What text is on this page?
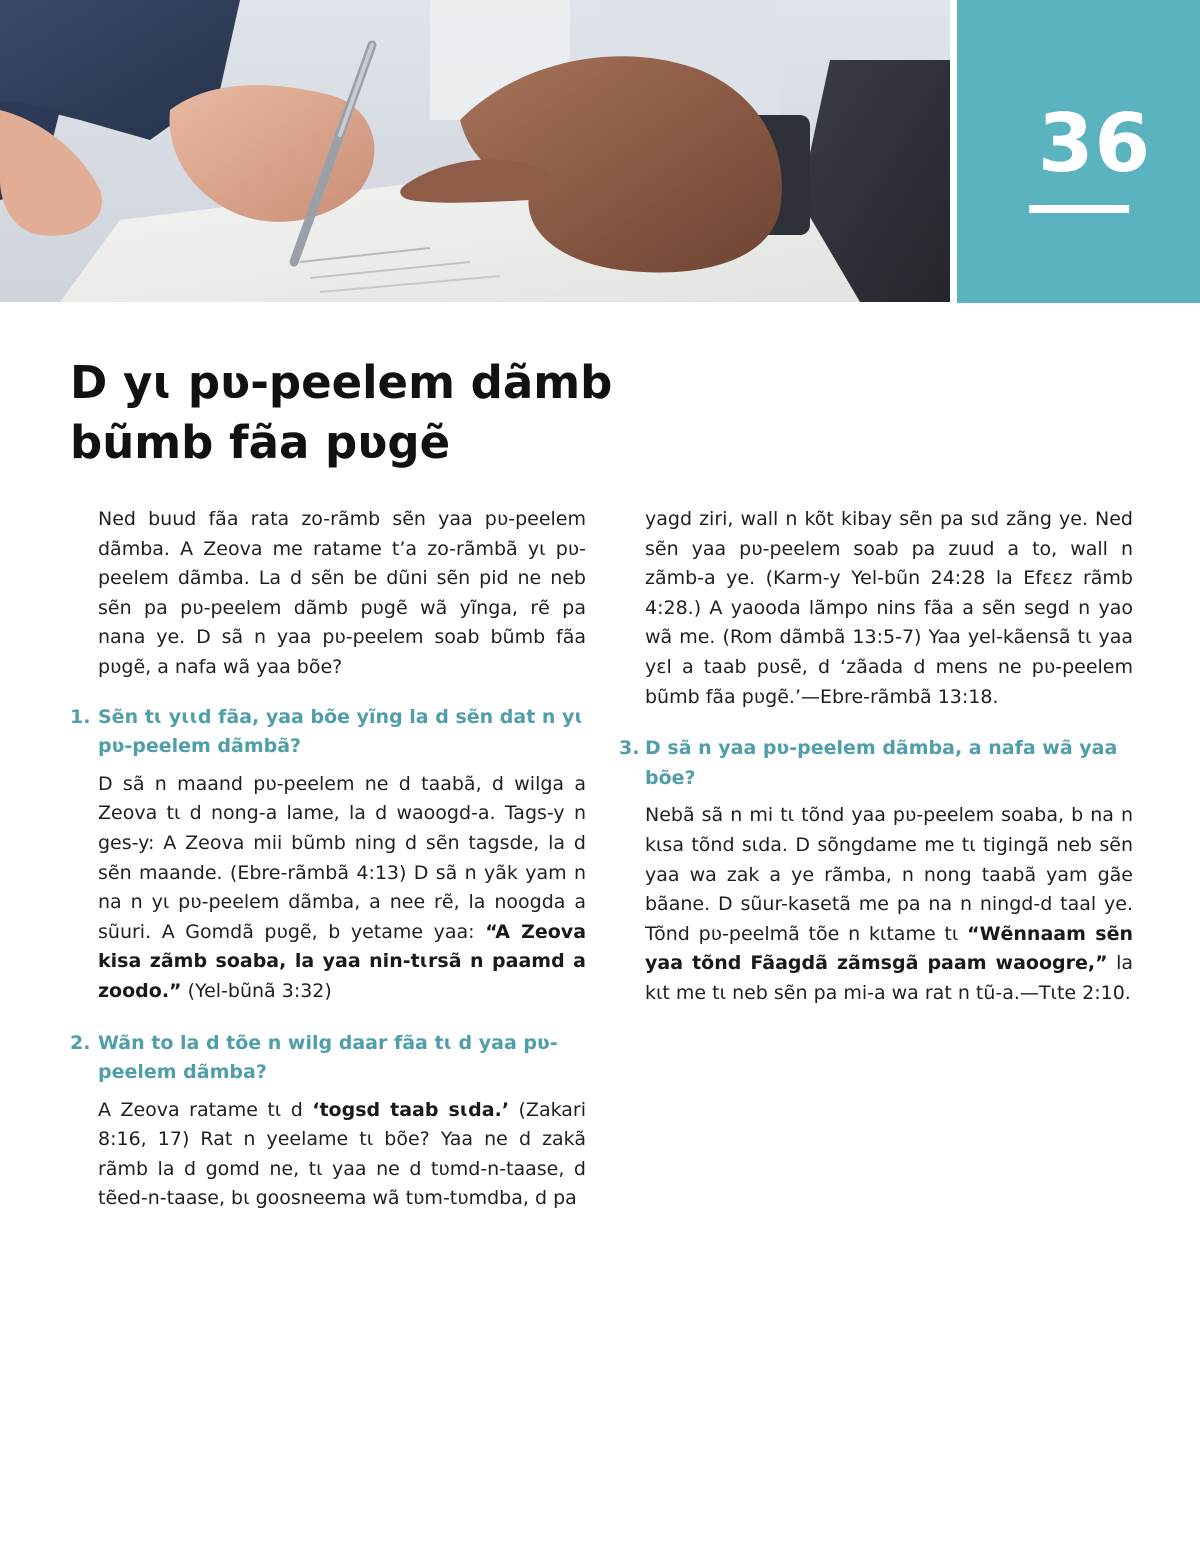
36
D yɩ pʋ-peelem dãmb
bũmb fãa pʋgẽ

Ned buud fãa rata zo-rãmb sẽn yaa pʋ-peelem dãmba. A Zeova me ratame t’a zo-rãmbã yɩ pʋ-peelem dãmba. La d sẽn be dũni sẽn pid ne neb sẽn pa pʋ-peelem dãmb pʋgẽ wã yĩnga, rẽ pa nana ye. D sã n yaa pʋ-peelem soab bũmb fãa pʋgẽ, a nafa wã yaa bõe?

1. Sẽn tɩ yɩɩd fãa, yaa bõe yĩng la d sẽn dat n yɩ pʋ-peelem dãmbã?

D sã n maand pʋ-peelem ne d taabã, d wilga a Zeova tɩ d nong-a lame, la d waoogd-a. Tags-y n ges-y: A Zeova mii bũmb ning d sẽn tagsde, la d sẽn maande. (Ebre-rãmbã 4:13) D sã n yãk yam n na n yɩ pʋ-peelem dãmba, a nee rẽ, la noogda a sũuri. A Gomdã pʋgẽ, b yetame yaa: “A Zeova kisa zãmb soaba, la yaa nin-tɩrsã n paamd a zoodo.” (Yel-bũnã 3:32)

2. Wãn to la d tõe n wilg daar fãa tɩ d yaa pʋ-peelem dãmba?

A Zeova ratame tɩ d ‘togsd taab sɩda.’ (Zakari 8:16, 17) Rat n yeelame tɩ bõe? Yaa ne d zakã rãmb la d gomd ne, tɩ yaa ne d tʋmd-n-taase, d tẽed-n-taase, bɩ goosneema wã tʋm-tʋmdba, d pa

yagd ziri, wall n kõt kibay sẽn pa sɩd zãng ye. Ned sẽn yaa pʋ-peelem soab pa zuud a to, wall n zãmb-a ye. (Karm-y Yel-bũn 24:28 la Efɛɛz rãmb 4:28.) A yaooda lãmpo nins fãa a sẽn segd n yao wã me. (Rom dãmbã 13:5-7) Yaa yel-kãensã tɩ yaa yɛl a taab pʋsẽ, d ‘zãada d mens ne pʋ-peelem bũmb fãa pʋgẽ.’—Ebre-rãmbã 13:18.

3. D sã n yaa pʋ-peelem dãmba, a nafa wã yaa bõe?

Nebã sã n mi tɩ tõnd yaa pʋ-peelem soaba, b na n kɩsa tõnd sɩda. D sõngdame me tɩ tigingã neb sẽn yaa wa zak a ye rãmba, n nong taabã yam gãe bãane. D sũur-kasetã me pa na n ningd-d taal ye. Tõnd pʋ-peelmã tõe n kɩtame tɩ “Wẽnnaam sẽn yaa tõnd Fãagdã zãmsgã paam waoogre,” la kɩt me tɩ neb sẽn pa mi-a wa rat n tũ-a.—Tɩte 2:10.
